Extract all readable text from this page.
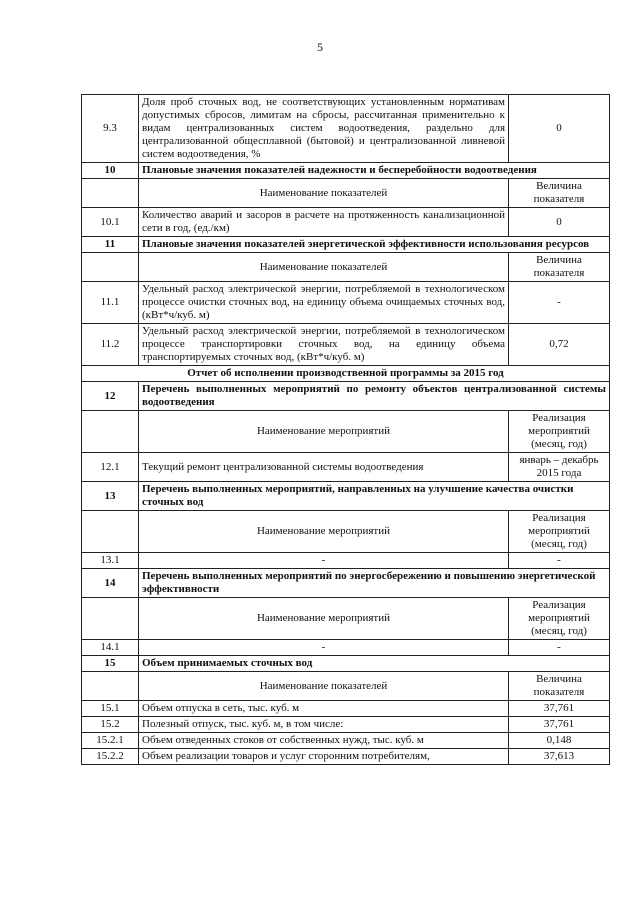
5
9.3	Доля проб сточных вод, не соответствующих установленным нормативам допустимых сбросов, лимитам на сбросы, рассчитанная применительно к видам централизованных систем водоотведения, раздельно для централизованной общесплавной (бытовой) и централизованной ливневой систем водоотведения, %	0
10	Плановые значения показателей надежности и бесперебойности водоотведения	
	Наименование показателей	Величина показателя
10.1	Количество аварий и засоров в расчете на протяженность канализационной сети в год, (ед./км)	0
11	Плановые значения показателей энергетической эффективности использования ресурсов	
	Наименование показателей	Величина показателя
11.1	Удельный расход электрической энергии, потребляемой в технологическом процессе очистки сточных вод, на единицу объема очищаемых сточных вод, (кВт*ч/куб. м)	-
11.2	Удельный расход электрической энергии, потребляемой в технологическом процессе транспортировки сточных вод, на единицу объема транспортируемых сточных вод, (кВт*ч/куб. м)	0,72
Отчет об исполнении производственной программы за 2015 год		
12	Перечень выполненных мероприятий по ремонту объектов централизованной системы водоотведения	
	Наименование мероприятий	Реализация мероприятий (месяц, год)
12.1	Текущий ремонт централизованной системы водоотведения	январь – декабрь 2015 года
13	Перечень выполненных мероприятий, направленных на улучшение качества очистки сточных вод	
	Наименование мероприятий	Реализация мероприятий (месяц, год)
13.1	-	-
14	Перечень выполненных мероприятий по энергосбережению и повышению энергетической эффективности	
	Наименование мероприятий	Реализация мероприятий (месяц, год)
14.1	-	-
15	Объем принимаемых сточных вод	
	Наименование показателей	Величина показателя
15.1	Объем отпуска в сеть, тыс. куб. м	37,761
15.2	Полезный отпуск, тыс. куб. м, в том числе:	37,761
15.2.1	Объем отведенных стоков от собственных нужд, тыс. куб. м	0,148
15.2.2	Объем реализации товаров и услуг сторонним потребителям,	37,613
